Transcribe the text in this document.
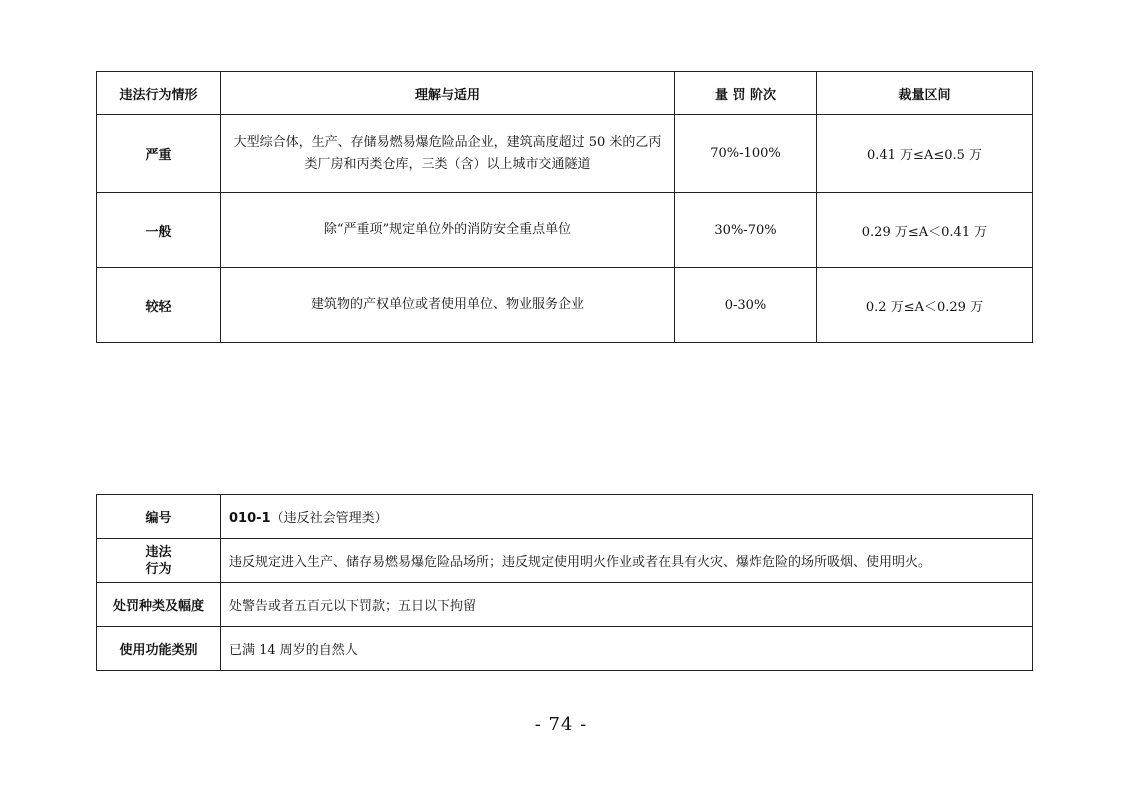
违法行为情形	理解与适用	量 罚 阶次	裁量区间
严重	大型综合体，生产、存储易燃易爆危险品企业，建筑高度超过 50 米的乙丙类厂房和丙类仓库，三类（含）以上城市交通隧道	70%-100%	0.41 万≤A≤0.5 万
一般	除“严重项”规定单位外的消防安全重点单位	30%-70%	0.29 万≤A＜0.41 万
较轻	建筑物的产权单位或者使用单位、物业服务企业	0-30%	0.2 万≤A＜0.29 万
编号	010-1（违反社会管理类）
违法行为	违反规定进入生产、储存易燃易爆危险品场所；违反规定使用明火作业或者在具有火灾、爆炸危险的场所吸烟、使用明火。
处罚种类及幅度	处警告或者五百元以下罚款；五日以下拘留
使用功能类别	已满 14 周岁的自然人
- 74 -
